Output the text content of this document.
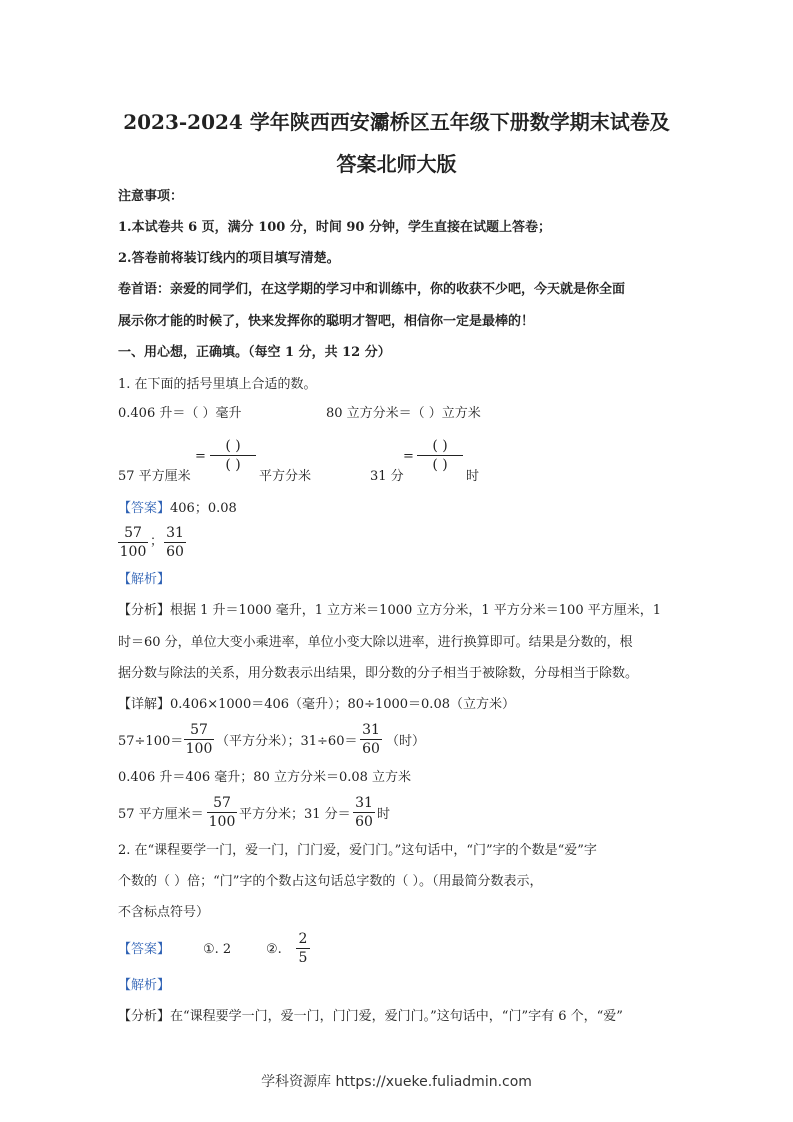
2023-2024 学年陕西西安灞桥区五年级下册数学期末试卷及
答案北师大版
注意事项：
1.本试卷共 6 页，满分 100 分，时间 90 分钟，学生直接在试题上答卷；
2.答卷前将装订线内的项目填写清楚。
卷首语：亲爱的同学们，在这学期的学习中和训练中，你的收获不少吧，今天就是你全面
展示你才能的时候了，快来发挥你的聪明才智吧，相信你一定是最棒的！
一、用心想，正确填。（每空 1 分，共 12 分）
1. 在下面的括号里填上合适的数。
0.406 升＝（ ）毫升	80 立方分米＝（ ）立方米
57 平方厘米
=
( )
( )
平方分米	31 分
=
( )
( )
时
【答案】406；0.08
57
100
；
31
60
【解析】
【分析】根据 1 升＝1000 毫升，1 立方米＝1000 立方分米，1 平方分米＝100 平方厘米，1
时＝60 分，单位大变小乘进率，单位小变大除以进率，进行换算即可。结果是分数的，根
据分数与除法的关系，用分数表示出结果，即分数的分子相当于被除数，分母相当于除数。
【详解】0.406×1000＝406（毫升）；80÷1000＝0.08（立方米）
57÷100＝
57
100 （平方分米）；31÷60＝
31
60 （时）
0.406 升＝406 毫升；80 立方分米＝0.08 立方米
57 平方厘米＝
57
100 平方分米；31 分＝
31
60 时
2. 在“课程要学一门，爱一门，门门爱，爱门门。”这句话中，“门”字的个数是“爱”字
个数的（ ）倍；“门”字的个数占这句话总字数的（ ）。（用最简分数表示，
不含标点符号）
【答案】	①. 2	②.
2
5
【解析】
【分析】在“课程要学一门，爱一门，门门爱，爱门门。”这句话中，“门”字有 6 个，“爱”
学科资源库 https://xueke.fuliadmin.com
